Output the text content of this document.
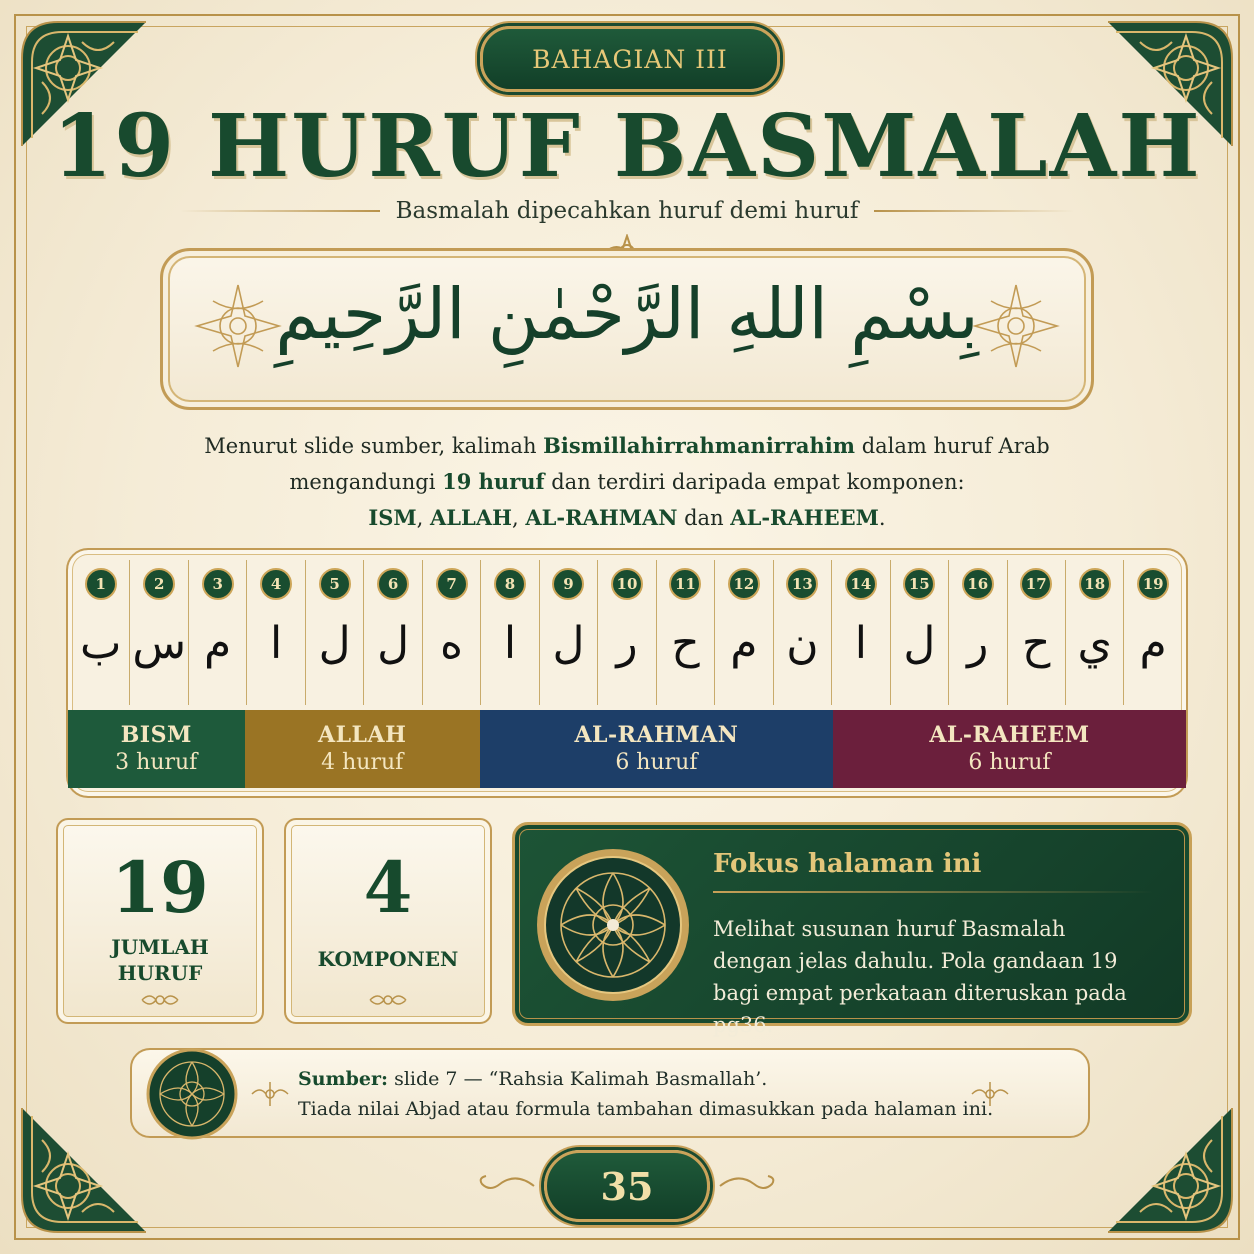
BAHAGIAN III
19 HURUF BASMALAH
Basmalah dipecahkan huruf demi huruf
بِسْمِ اللهِ الرَّحْمٰنِ الرَّحِيمِ
Menurut slide sumber, kalimah Bismillahirrahmanirrahim dalam huruf Arab
mengandungi 19 huruf dan terdiri daripada empat komponen:
ISM, ALLAH, AL-RAHMAN dan AL-RAHEEM.
1
ب
2
س
3
م
4
ا
5
ل
6
ل
7
ه
8
ا
9
ل
10
ر
11
ح
12
م
13
ن
14
ا
15
ل
16
ر
17
ح
18
ي
19
م
BISM
3 huruf
ALLAH
4 huruf
AL-RAHMAN
6 huruf
AL-RAHEEM
6 huruf
19
JUMLAH
HURUF
4
KOMPONEN
Fokus halaman ini
Melihat susunan huruf Basmalah
dengan jelas dahulu. Pola gandaan 19
bagi empat perkataan diteruskan pada pg36.
Sumber: slide 7 — “Rahsia Kalimah Basmallah’.
Tiada nilai Abjad atau formula tambahan dimasukkan pada halaman ini.
35
